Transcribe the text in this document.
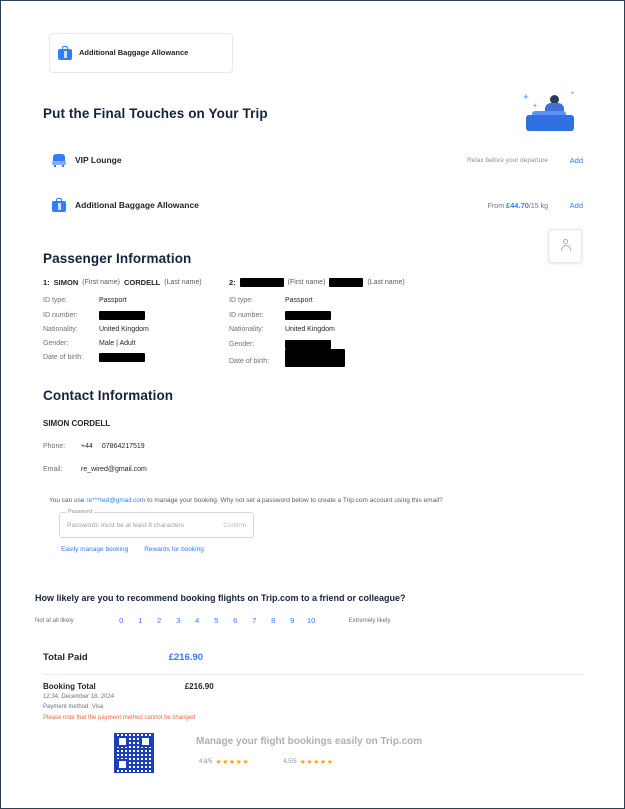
Additional Baggage Allowance
Put the Final Touches on Your Trip
✦
✦
✦
VIP Lounge	Relax before your departure	Add
Additional Baggage Allowance	From £44.70/15 kg	Add
Passenger Information
1: SIMON (First name) CORDELL (Last name)
ID type:	Passport
ID number:
Nationality:	United Kingdom
Gender:	Male | Adult
Date of birth:
2:	(First name)	(Last name)
ID type:	Passport
ID number:
Nationality:	United Kingdom
Gender:
Date of birth:
Contact Information
SIMON CORDELL
Phone:	+44 07864217519
Email:	re_wired@gmail.com
You can use re***red@gmail.com to manage your booking. Why not set a password below to create a Trip.com account using this email?
Password
Passwords must be at least 8 characters	Confirm
Easily manage booking Rewards for booking
How likely are you to recommend booking flights on Trip.com to a friend or colleague?
Not at all likely	0	1	2	3	4	5	6	7	8	9	10	Extremely likely
Total Paid	£216.90
Booking Total	£216.90
12:34, December 18, 2024
Payment method: Visa
Please note that the payment method cannot be changed
Manage your flight bookings easily on Trip.com
4.8/5 ★★★★★	4.5/5 ★★★★★
